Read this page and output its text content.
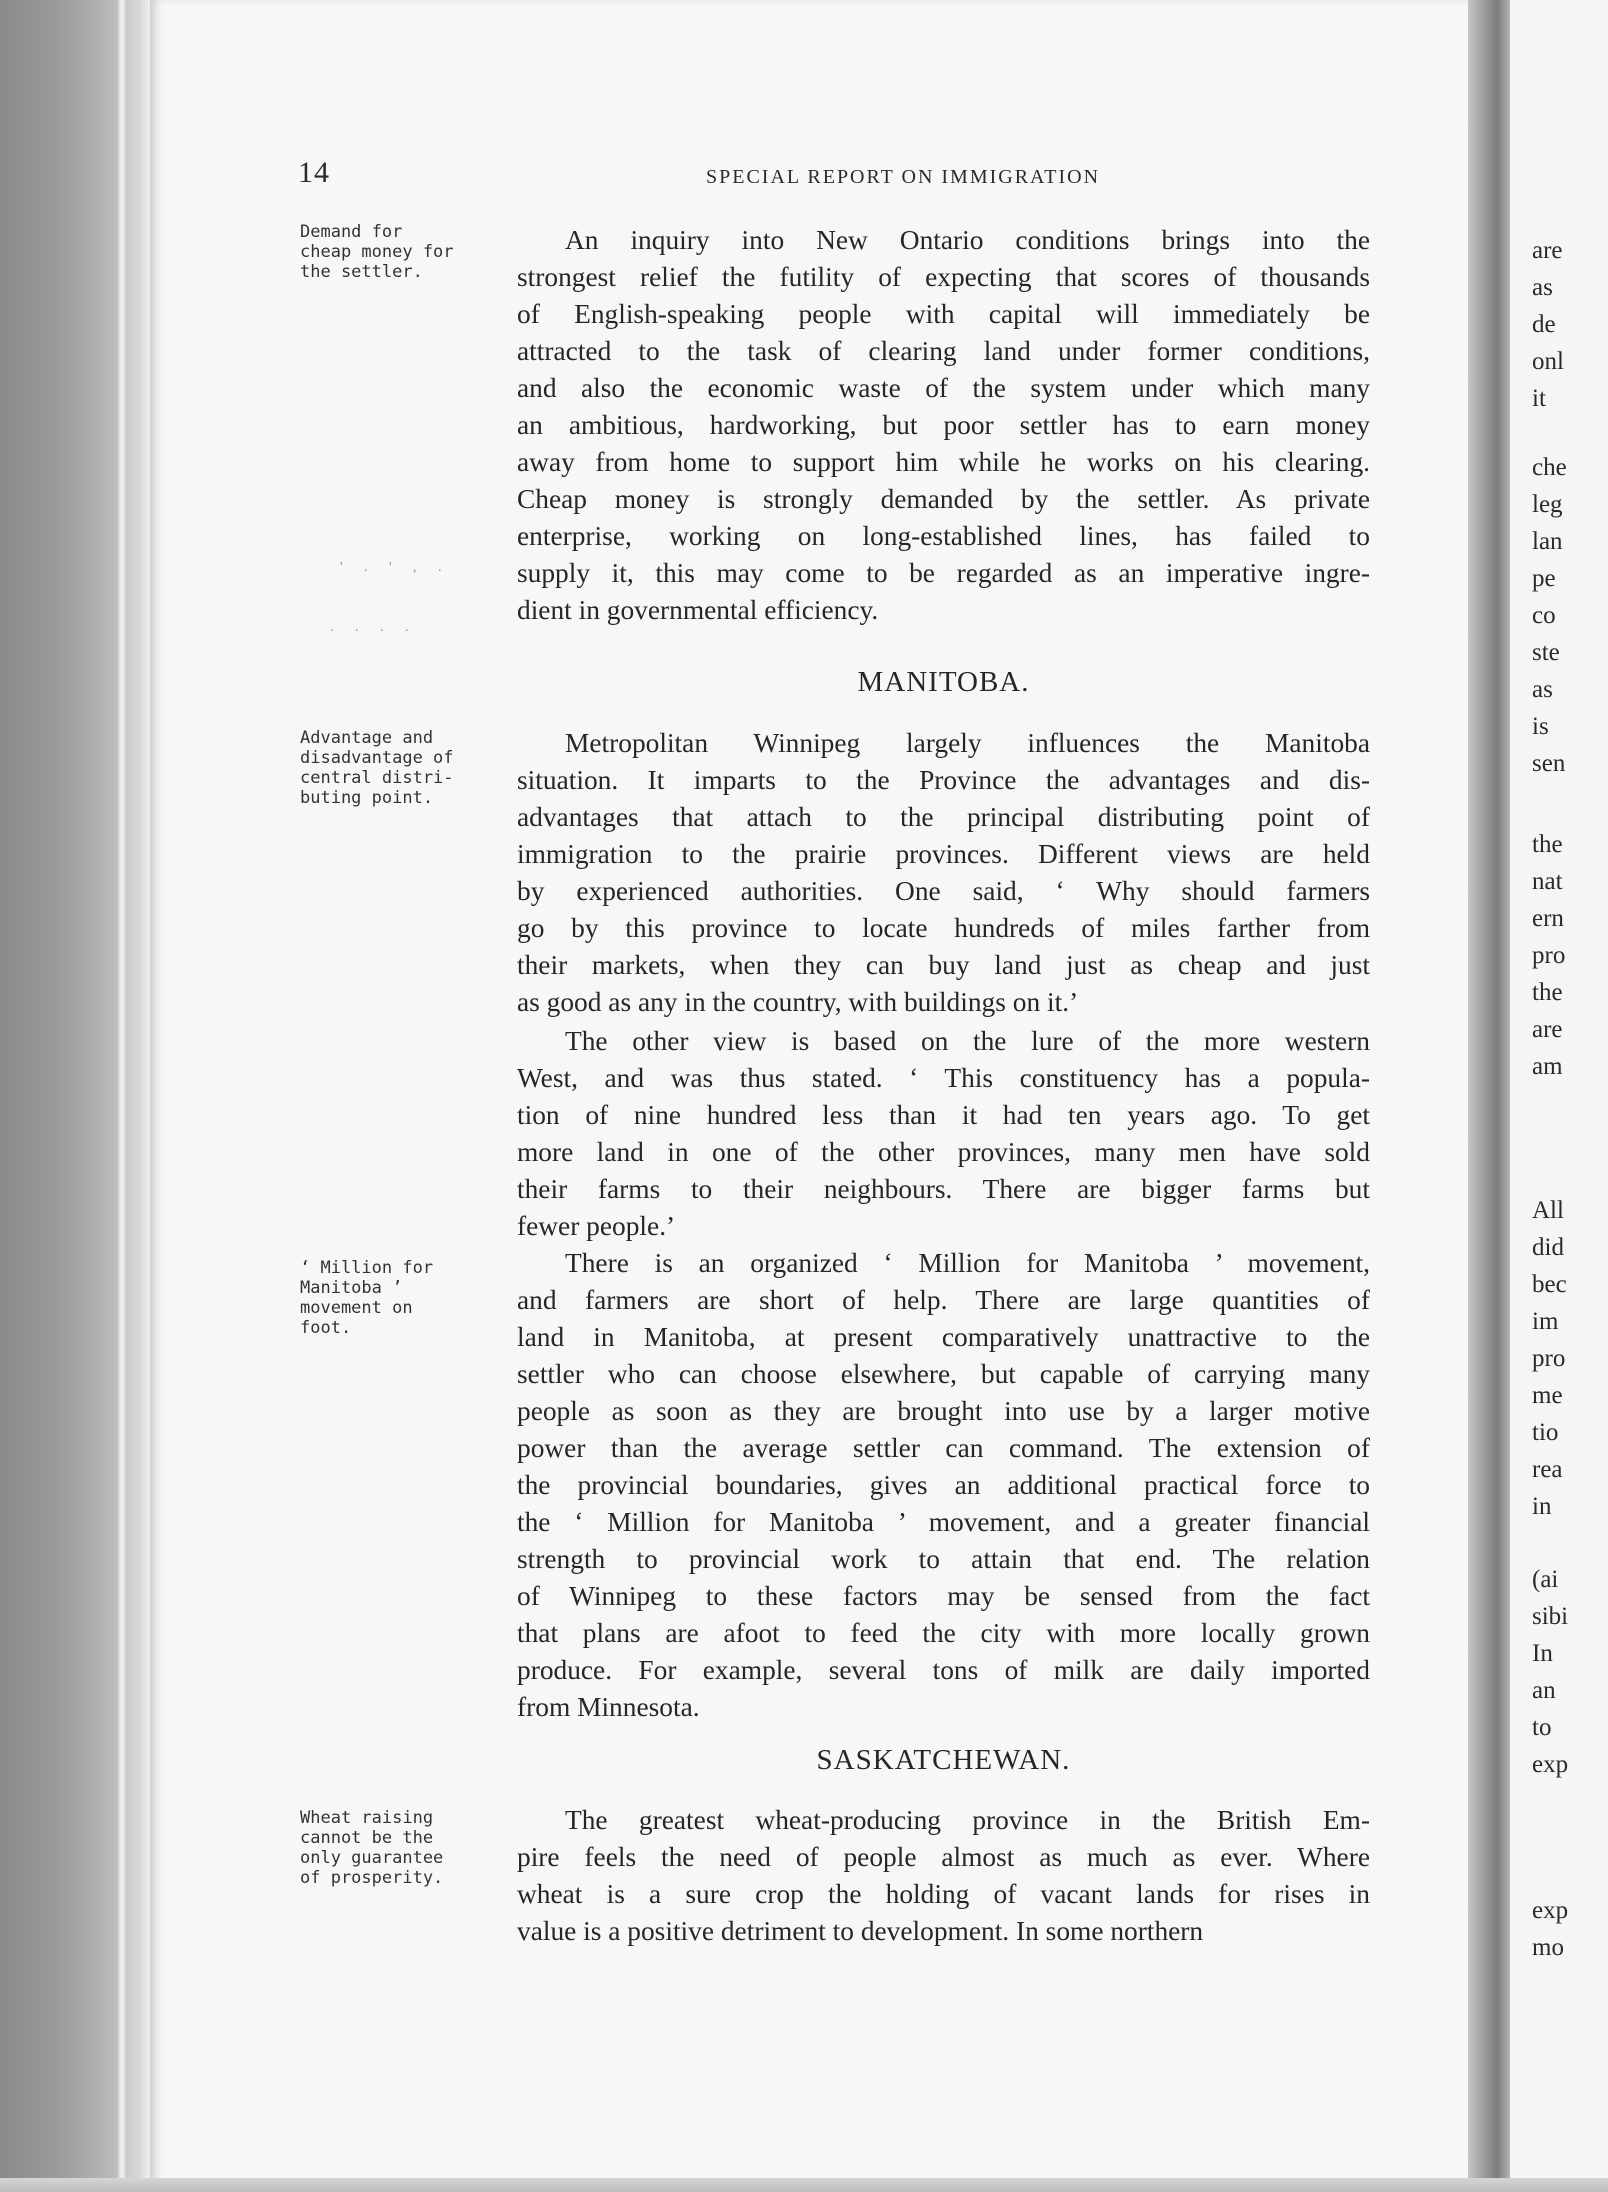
are
as
de
onl
it
che
leg
lan
pe
co
ste
as
is
sen
the
nat
ern
pro
the
are
am
All
did
bec
im
pro
me
tio
rea
in
(ai
sibi
In
an
to
exp
exp
mo
14	SPECIAL REPORT ON IMMIGRATION
Demand for
cheap money for
the settler.
Advantage and
disadvantage of
central distri-
buting point.
‘ Million for
Manitoba ’
movement on
foot.
Wheat raising
cannot be the
only guarantee
of prosperity.
' . ' , .
. . . .
An inquiry into New Ontario conditions brings into the
strongest relief the futility of expecting that scores of thousands
of English-speaking people with capital will immediately be
attracted to the task of clearing land under former conditions,
and also the economic waste of the system under which many
an ambitious, hardworking, but poor settler has to earn money
away from home to support him while he works on his clearing.
Cheap money is strongly demanded by the settler. As private
enterprise, working on long-established lines, has failed to
supply it, this may come to be regarded as an imperative ingre-
dient in governmental efficiency.
MANITOBA.
Metropolitan Winnipeg largely influences the Manitoba
situation. It imparts to the Province the advantages and dis-
advantages that attach to the principal distributing point of
immigration to the prairie provinces. Different views are held
by experienced authorities. One said, ‘ Why should farmers
go by this province to locate hundreds of miles farther from
their markets, when they can buy land just as cheap and just
as good as any in the country, with buildings on it.’
The other view is based on the lure of the more western
West, and was thus stated. ‘ This constituency has a popula-
tion of nine hundred less than it had ten years ago. To get
more land in one of the other provinces, many men have sold
their farms to their neighbours. There are bigger farms but
fewer people.’
There is an organized ‘ Million for Manitoba ’ movement,
and farmers are short of help. There are large quantities of
land in Manitoba, at present comparatively unattractive to the
settler who can choose elsewhere, but capable of carrying many
people as soon as they are brought into use by a larger motive
power than the average settler can command. The extension of
the provincial boundaries, gives an additional practical force to
the ‘ Million for Manitoba ’ movement, and a greater financial
strength to provincial work to attain that end. The relation
of Winnipeg to these factors may be sensed from the fact
that plans are afoot to feed the city with more locally grown
produce. For example, several tons of milk are daily imported
from Minnesota.
SASKATCHEWAN.
The greatest wheat-producing province in the British Em-
pire feels the need of people almost as much as ever. Where
wheat is a sure crop the holding of vacant lands for rises in
value is a positive detriment to development. In some northern
